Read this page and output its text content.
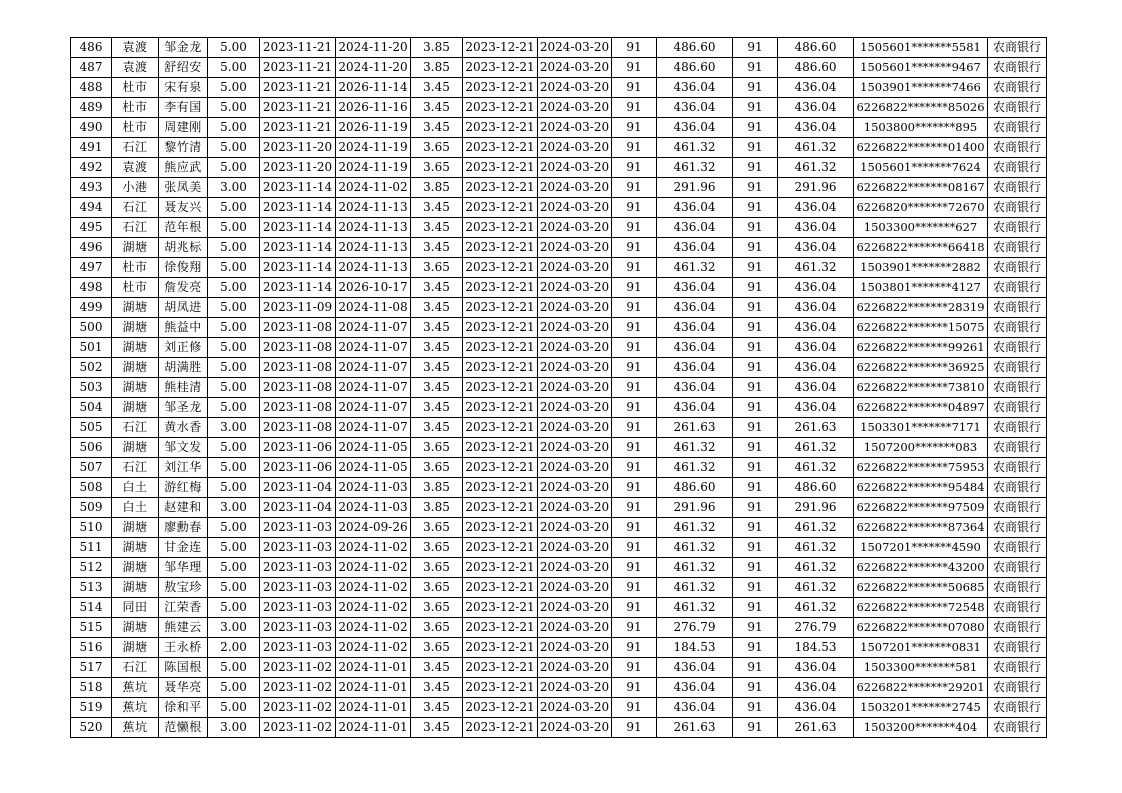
486	袁渡	邹金龙	5.00	2023-11-21	2024-11-20	3.85	2023-12-21	2024-03-20	91	486.60	91	486.60	1505601*******5581	农商银行
487	袁渡	舒绍安	5.00	2023-11-21	2024-11-20	3.85	2023-12-21	2024-03-20	91	486.60	91	486.60	1505601*******9467	农商银行
488	杜市	宋有泉	5.00	2023-11-21	2026-11-14	3.45	2023-12-21	2024-03-20	91	436.04	91	436.04	1503901*******7466	农商银行
489	杜市	李有国	5.00	2023-11-21	2026-11-16	3.45	2023-12-21	2024-03-20	91	436.04	91	436.04	6226822*******85026	农商银行
490	杜市	周建刚	5.00	2023-11-21	2026-11-19	3.45	2023-12-21	2024-03-20	91	436.04	91	436.04	1503800*******895	农商银行
491	石江	黎竹清	5.00	2023-11-20	2024-11-19	3.65	2023-12-21	2024-03-20	91	461.32	91	461.32	6226822*******01400	农商银行
492	袁渡	熊应武	5.00	2023-11-20	2024-11-19	3.65	2023-12-21	2024-03-20	91	461.32	91	461.32	1505601*******7624	农商银行
493	小港	张凤美	3.00	2023-11-14	2024-11-02	3.85	2023-12-21	2024-03-20	91	291.96	91	291.96	6226822*******08167	农商银行
494	石江	聂友兴	5.00	2023-11-14	2024-11-13	3.45	2023-12-21	2024-03-20	91	436.04	91	436.04	6226820*******72670	农商银行
495	石江	范年根	5.00	2023-11-14	2024-11-13	3.45	2023-12-21	2024-03-20	91	436.04	91	436.04	1503300*******627	农商银行
496	湖塘	胡兆标	5.00	2023-11-14	2024-11-13	3.45	2023-12-21	2024-03-20	91	436.04	91	436.04	6226822*******66418	农商银行
497	杜市	徐俊翔	5.00	2023-11-14	2024-11-13	3.65	2023-12-21	2024-03-20	91	461.32	91	461.32	1503901*******2882	农商银行
498	杜市	詹发亮	5.00	2023-11-14	2026-10-17	3.45	2023-12-21	2024-03-20	91	436.04	91	436.04	1503801*******4127	农商银行
499	湖塘	胡凤进	5.00	2023-11-09	2024-11-08	3.45	2023-12-21	2024-03-20	91	436.04	91	436.04	6226822*******28319	农商银行
500	湖塘	熊益中	5.00	2023-11-08	2024-11-07	3.45	2023-12-21	2024-03-20	91	436.04	91	436.04	6226822*******15075	农商银行
501	湖塘	刘正修	5.00	2023-11-08	2024-11-07	3.45	2023-12-21	2024-03-20	91	436.04	91	436.04	6226822*******99261	农商银行
502	湖塘	胡满胜	5.00	2023-11-08	2024-11-07	3.45	2023-12-21	2024-03-20	91	436.04	91	436.04	6226822*******36925	农商银行
503	湖塘	熊桂清	5.00	2023-11-08	2024-11-07	3.45	2023-12-21	2024-03-20	91	436.04	91	436.04	6226822*******73810	农商银行
504	湖塘	邹圣龙	5.00	2023-11-08	2024-11-07	3.45	2023-12-21	2024-03-20	91	436.04	91	436.04	6226822*******04897	农商银行
505	石江	黄水香	3.00	2023-11-08	2024-11-07	3.45	2023-12-21	2024-03-20	91	261.63	91	261.63	1503301*******7171	农商银行
506	湖塘	邹文发	5.00	2023-11-06	2024-11-05	3.65	2023-12-21	2024-03-20	91	461.32	91	461.32	1507200*******083	农商银行
507	石江	刘江华	5.00	2023-11-06	2024-11-05	3.65	2023-12-21	2024-03-20	91	461.32	91	461.32	6226822*******75953	农商银行
508	白土	游红梅	5.00	2023-11-04	2024-11-03	3.85	2023-12-21	2024-03-20	91	486.60	91	486.60	6226822*******95484	农商银行
509	白土	赵建和	3.00	2023-11-04	2024-11-03	3.85	2023-12-21	2024-03-20	91	291.96	91	291.96	6226822*******97509	农商银行
510	湖塘	廖勳春	5.00	2023-11-03	2024-09-26	3.65	2023-12-21	2024-03-20	91	461.32	91	461.32	6226822*******87364	农商银行
511	湖塘	甘金连	5.00	2023-11-03	2024-11-02	3.65	2023-12-21	2024-03-20	91	461.32	91	461.32	1507201*******4590	农商银行
512	湖塘	邹华理	5.00	2023-11-03	2024-11-02	3.65	2023-12-21	2024-03-20	91	461.32	91	461.32	6226822*******43200	农商银行
513	湖塘	敖宝珍	5.00	2023-11-03	2024-11-02	3.65	2023-12-21	2024-03-20	91	461.32	91	461.32	6226822*******50685	农商银行
514	同田	江荣香	5.00	2023-11-03	2024-11-02	3.65	2023-12-21	2024-03-20	91	461.32	91	461.32	6226822*******72548	农商银行
515	湖塘	熊建云	3.00	2023-11-03	2024-11-02	3.65	2023-12-21	2024-03-20	91	276.79	91	276.79	6226822*******07080	农商银行
516	湖塘	王永桥	2.00	2023-11-03	2024-11-02	3.65	2023-12-21	2024-03-20	91	184.53	91	184.53	1507201*******0831	农商银行
517	石江	陈国根	5.00	2023-11-02	2024-11-01	3.45	2023-12-21	2024-03-20	91	436.04	91	436.04	1503300*******581	农商银行
518	蕉坑	聂华亮	5.00	2023-11-02	2024-11-01	3.45	2023-12-21	2024-03-20	91	436.04	91	436.04	6226822*******29201	农商银行
519	蕉坑	徐和平	5.00	2023-11-02	2024-11-01	3.45	2023-12-21	2024-03-20	91	436.04	91	436.04	1503201*******2745	农商银行
520	蕉坑	范懒根	3.00	2023-11-02	2024-11-01	3.45	2023-12-21	2024-03-20	91	261.63	91	261.63	1503200*******404	农商银行
